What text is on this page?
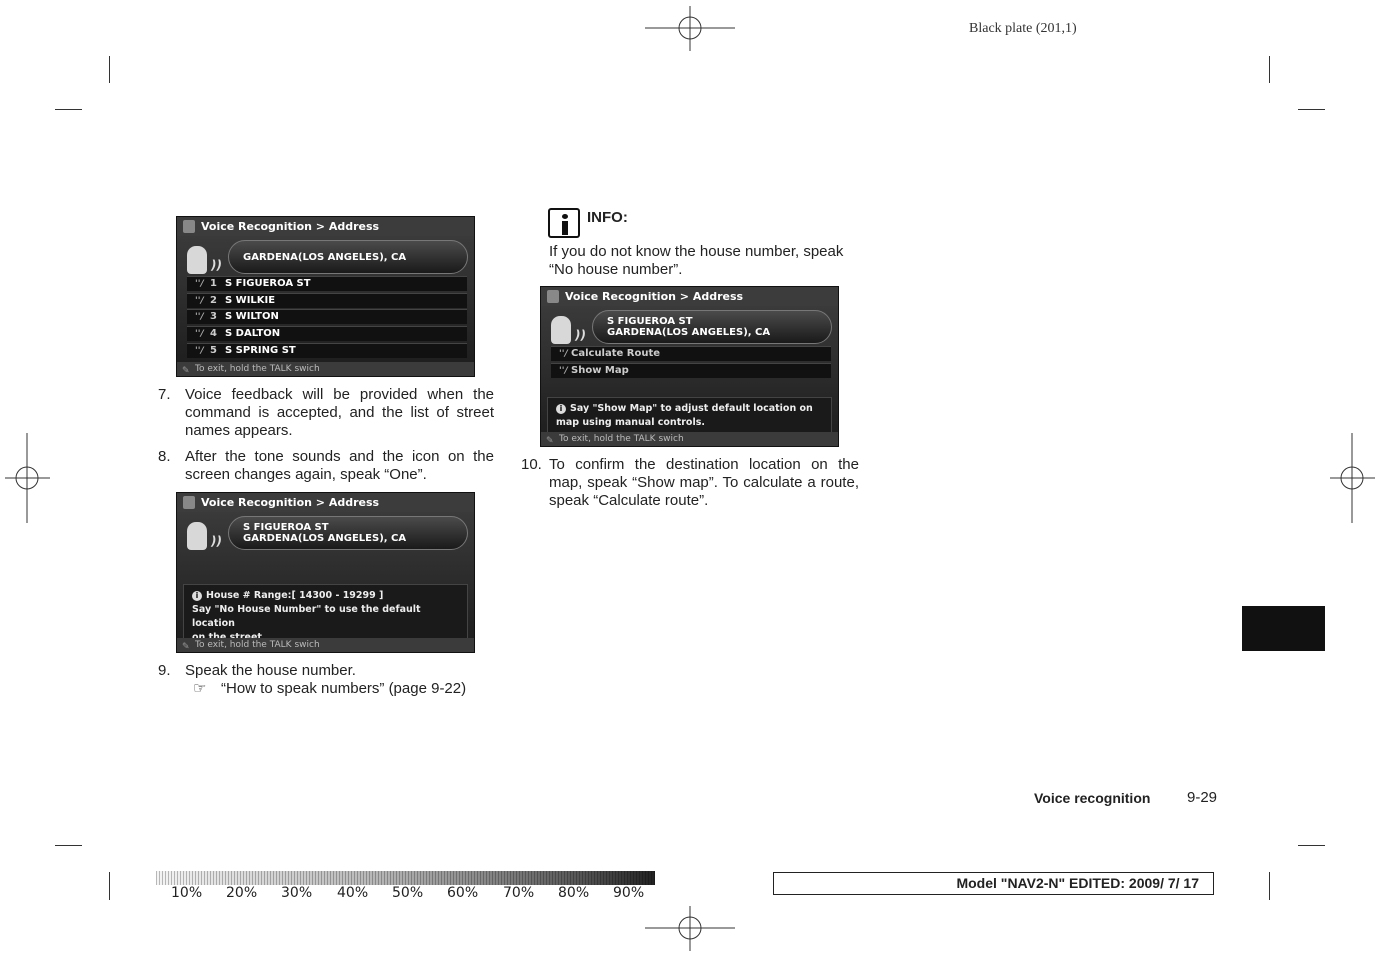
Black plate (201,1)
Voice Recognition > Address
))
GARDENA(LOS ANGELES), CA
''/ 1 S FIGUEROA ST
''/ 2 S WILKIE
''/ 3 S WILTON
''/ 4 S DALTON
''/ 5 S SPRING ST
✎ To exit, hold the TALK swich
7. Voice feedback will be provided when the command is accepted, and the list of street names appears.
8. After the tone sounds and the icon on the screen changes again, speak “One”.
Voice Recognition > Address
))
S FIGUEROA ST
GARDENA(LOS ANGELES), CA
i House # Range:[ 14300 - 19299 ]
Say "No House Number" to use the default location
✎ To exit, hold the TALK swich
9. Speak the house number.
☞ “How to speak numbers” (page 9-22)
INFO:
If you do not know the house number, speak “No house number”.
Voice Recognition > Address
))
S FIGUEROA ST
GARDENA(LOS ANGELES), CA
''/ Calculate Route
''/ Show Map
i Say "Show Map" to adjust default location on
map using manual controls.
✎ To exit, hold the TALK swich
10. To confirm the destination location on the map, speak “Show map”. To calculate a route, speak “Calculate route”.
Voice recognition 9-29
10% 20% 30% 40% 50% 60% 70% 80% 90%
Model "NAV2-N" EDITED: 2009/ 7/ 17
